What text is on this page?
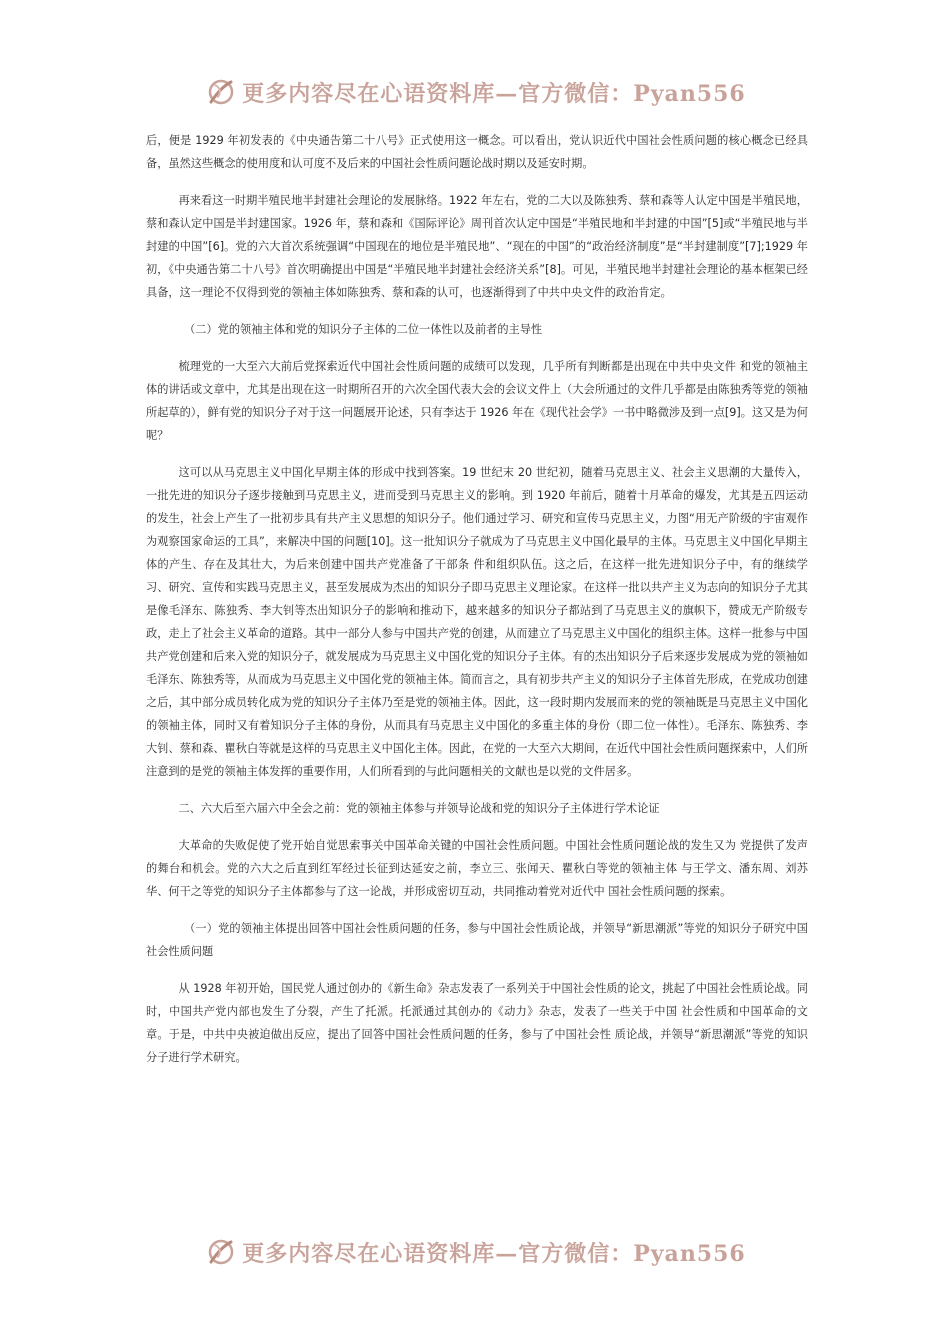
更多内容尽在心语资料库—官方微信：Pyan556

后，便是 1929 年初发表的《中央通告第二十八号》正式使用这一概念。可以看出，党认识近代中国社会性质问题的核心概念已经具备，虽然这些概念的使用度和认可度不及后来的中国社会性质问题论战时期以及延安时期。

再来看这一时期半殖民地半封建社会理论的发展脉络。1922 年左右，党的二大以及陈独秀、蔡和森等人认定中国是半殖民地，蔡和森认定中国是半封建国家。1926 年，蔡和森和《国际评论》周刊首次认定中国是“半殖民地和半封建的中国”[5]或“半殖民地与半封建的中国”[6]。党的六大首次系统强调“中国现在的地位是半殖民地”、“现在的中国”的“政治经济制度”是“半封建制度”[7];1929 年初，《中央通告第二十八号》首次明确提出中国是“半殖民地半封建社会经济关系”[8]。可见，半殖民地半封建社会理论的基本框架已经具备，这一理论不仅得到党的领袖主体如陈独秀、蔡和森的认可，也逐渐得到了中共中央文件的政治肯定。

（二）党的领袖主体和党的知识分子主体的二位一体性以及前者的主导性

梳理党的一大至六大前后党探索近代中国社会性质问题的成绩可以发现，几乎所有判断都是出现在中共中央文件 和党的领袖主体的讲话或文章中，尤其是出现在这一时期所召开的六次全国代表大会的会议文件上（大会所通过的文件几乎都是由陈独秀等党的领袖所起草的），鲜有党的知识分子对于这一问题展开论述，只有李达于 1926 年在《现代社会学》一书中略微涉及到一点[9]。这又是为何呢？

这可以从马克思主义中国化早期主体的形成中找到答案。19 世纪末 20 世纪初，随着马克思主义、社会主义思潮的大量传入，一批先进的知识分子逐步接触到马克思主义，进而受到马克思主义的影响。到 1920 年前后，随着十月革命的爆发，尤其是五四运动的发生，社会上产生了一批初步具有共产主义思想的知识分子。他们通过学习、研究和宣传马克思主义，力图“用无产阶级的宇宙观作为观察国家命运的工具”，来解决中国的问题[10]。这一批知识分子就成为了马克思主义中国化最早的主体。马克思主义中国化早期主体的产生、存在及其壮大，为后来创建中国共产党准备了干部条 件和组织队伍。这之后，在这样一批先进知识分子中，有的继续学习、研究、宣传和实践马克思主义，甚至发展成为杰出的知识分子即马克思主义理论家。在这样一批以共产主义为志向的知识分子尤其是像毛泽东、陈独秀、李大钊等杰出知识分子的影响和推动下，越来越多的知识分子都站到了马克思主义的旗帜下，赞成无产阶级专政，走上了社会主义革命的道路。其中一部分人参与中国共产党的创建，从而建立了马克思主义中国化的组织主体。这样一批参与中国共产党创建和后来入党的知识分子，就发展成为马克思主义中国化党的知识分子主体。有的杰出知识分子后来逐步发展成为党的领袖如毛泽东、陈独秀等，从而成为马克思主义中国化党的领袖主体。简而言之，具有初步共产主义的知识分子主体首先形成，在党成功创建之后，其中部分成员转化成为党的知识分子主体乃至是党的领袖主体。因此，这一段时期内发展而来的党的领袖既是马克思主义中国化的领袖主体，同时又有着知识分子主体的身份，从而具有马克思主义中国化的多重主体的身份（即二位一体性）。毛泽东、陈独秀、李大钊、蔡和森、瞿秋白等就是这样的马克思主义中国化主体。因此，在党的一大至六大期间，在近代中国社会性质问题探索中，人们所注意到的是党的领袖主体发挥的重要作用，人们所看到的与此问题相关的文献也是以党的文件居多。

二、六大后至六届六中全会之前：党的领袖主体参与并领导论战和党的知识分子主体进行学术论证

大革命的失败促使了党开始自觉思索事关中国革命关键的中国社会性质问题。中国社会性质问题论战的发生又为 党提供了发声的舞台和机会。党的六大之后直到红军经过长征到达延安之前，李立三、张闻天、瞿秋白等党的领袖主体 与王学文、潘东周、刘苏华、何干之等党的知识分子主体都参与了这一论战，并形成密切互动，共同推动着党对近代中 国社会性质问题的探索。

（一）党的领袖主体提出回答中国社会性质问题的任务，参与中国社会性质论战，并领导“新思潮派”等党的知识分子研究中国社会性质问题

从 1928 年初开始，国民党人通过创办的《新生命》杂志发表了一系列关于中国社会性质的论文，挑起了中国社会性质论战。同时，中国共产党内部也发生了分裂，产生了托派。托派通过其创办的《动力》杂志，发表了一些关于中国 社会性质和中国革命的文章。于是，中共中央被迫做出反应，提出了回答中国社会性质问题的任务，参与了中国社会性 质论战，并领导“新思潮派”等党的知识分子进行学术研究。

更多内容尽在心语资料库—官方微信：Pyan556
